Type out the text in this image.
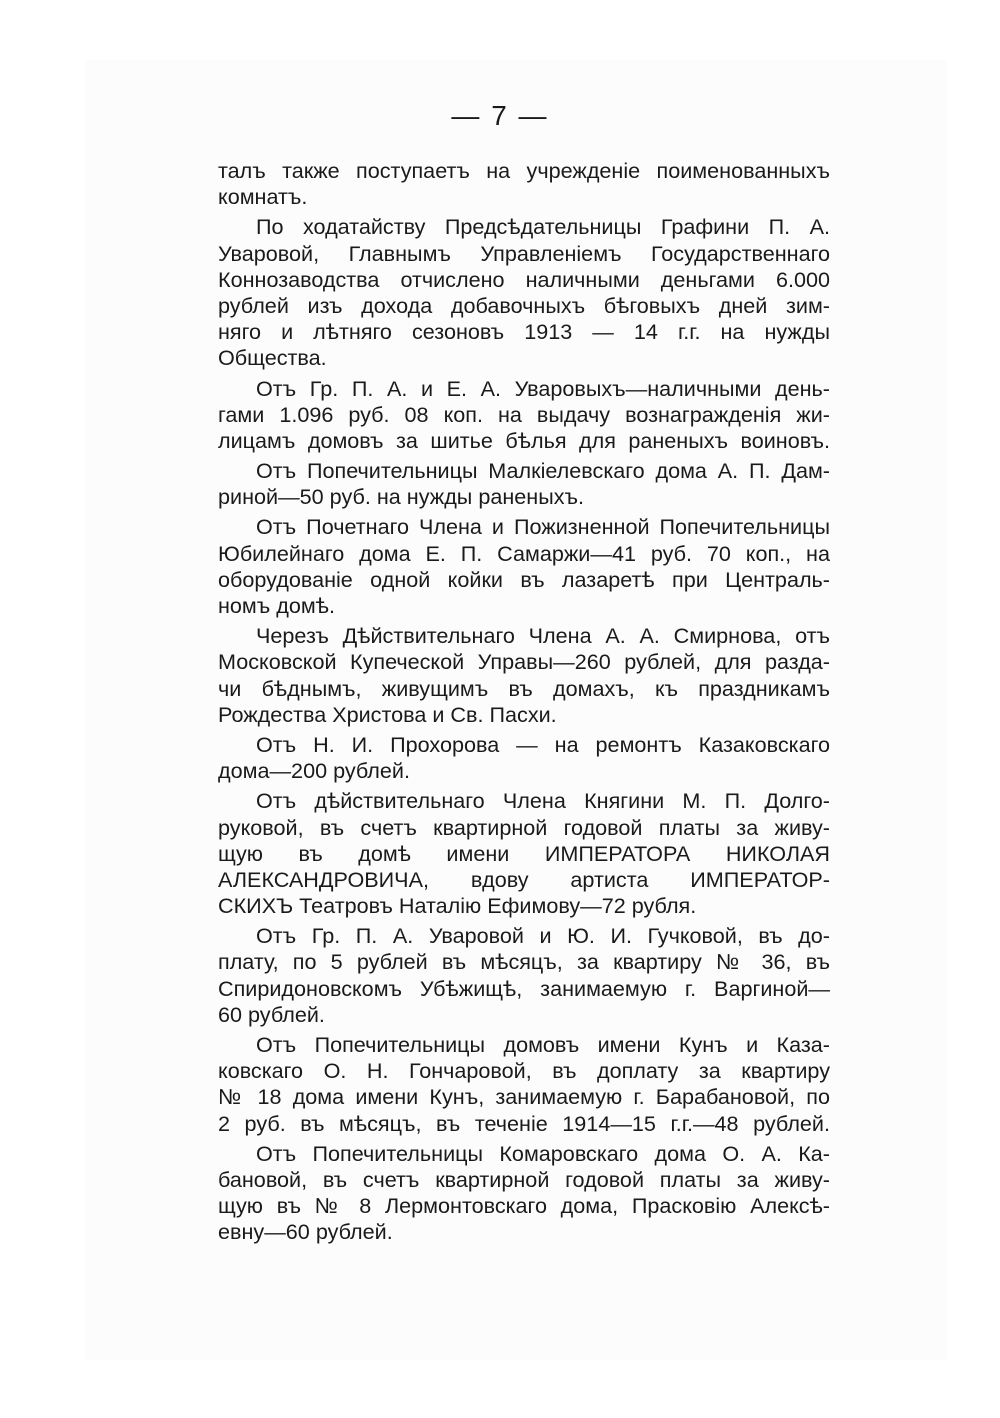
— 7 —
талъ также поступаетъ на учрежденіе поименованныхъ
комнатъ.
По ходатайству Предсѣдательницы Графини П. А.
Уваровой, Главнымъ Управленіемъ Государственнаго
Коннозаводства отчислено наличными деньгами 6.000
рублей изъ дохода добавочныхъ бѣговыхъ дней зим-
няго и лѣтняго сезоновъ 1913 — 14 г.г. на нужды
Общества.
Отъ Гр. П. А. и Е. А. Уваровыхъ—наличными день-
гами 1.096 руб. 08 коп. на выдачу вознагражденія жи-
лицамъ домовъ за шитье бѣлья для раненыхъ воиновъ.
Отъ Попечительницы Малкіелевскаго дома А. П. Дам-
риной—50 руб. на нужды раненыхъ.
Отъ Почетнаго Члена и Пожизненной Попечительницы
Юбилейнаго дома Е. П. Самаржи—41 руб. 70 коп., на
оборудованіе одной койки въ лазаретѣ при Централь-
номъ домѣ.
Черезъ Дѣйствительнаго Члена А. А. Смирнова, отъ
Московской Купеческой Управы—260 рублей, для разда-
чи бѣднымъ, живущимъ въ домахъ, къ праздникамъ
Рождества Христова и Св. Пасхи.
Отъ Н. И. Прохорова — на ремонтъ Казаковскаго
дома—200 рублей.
Отъ дѣйствительнаго Члена Княгини М. П. Долго-
руковой, въ счетъ квартирной годовой платы за живу-
щую въ домѣ имени ИМПЕРАТОРА НИКОЛАЯ
АЛЕКСАНДРОВИЧА, вдову артиста ИМПЕРАТОР-
СКИХЪ Театровъ Наталію Ефимову—72 рубля.
Отъ Гр. П. А. Уваровой и Ю. И. Гучковой, въ до-
плату, по 5 рублей въ мѣсяцъ, за квартиру № 36, въ
Спиридоновскомъ Убѣжищѣ, занимаемую г. Варгиной—
60 рублей.
Отъ Попечительницы домовъ имени Кунъ и Каза-
ковскаго О. Н. Гончаровой, въ доплату за квартиру
№ 18 дома имени Кунъ, занимаемую г. Барабановой, по
2 руб. въ мѣсяцъ, въ теченіе 1914—15 г.г.—48 рублей.
Отъ Попечительницы Комаровскаго дома О. А. Ка-
бановой, въ счетъ квартирной годовой платы за живу-
щую въ № 8 Лермонтовскаго дома, Прасковію Алексѣ-
евну—60 рублей.
